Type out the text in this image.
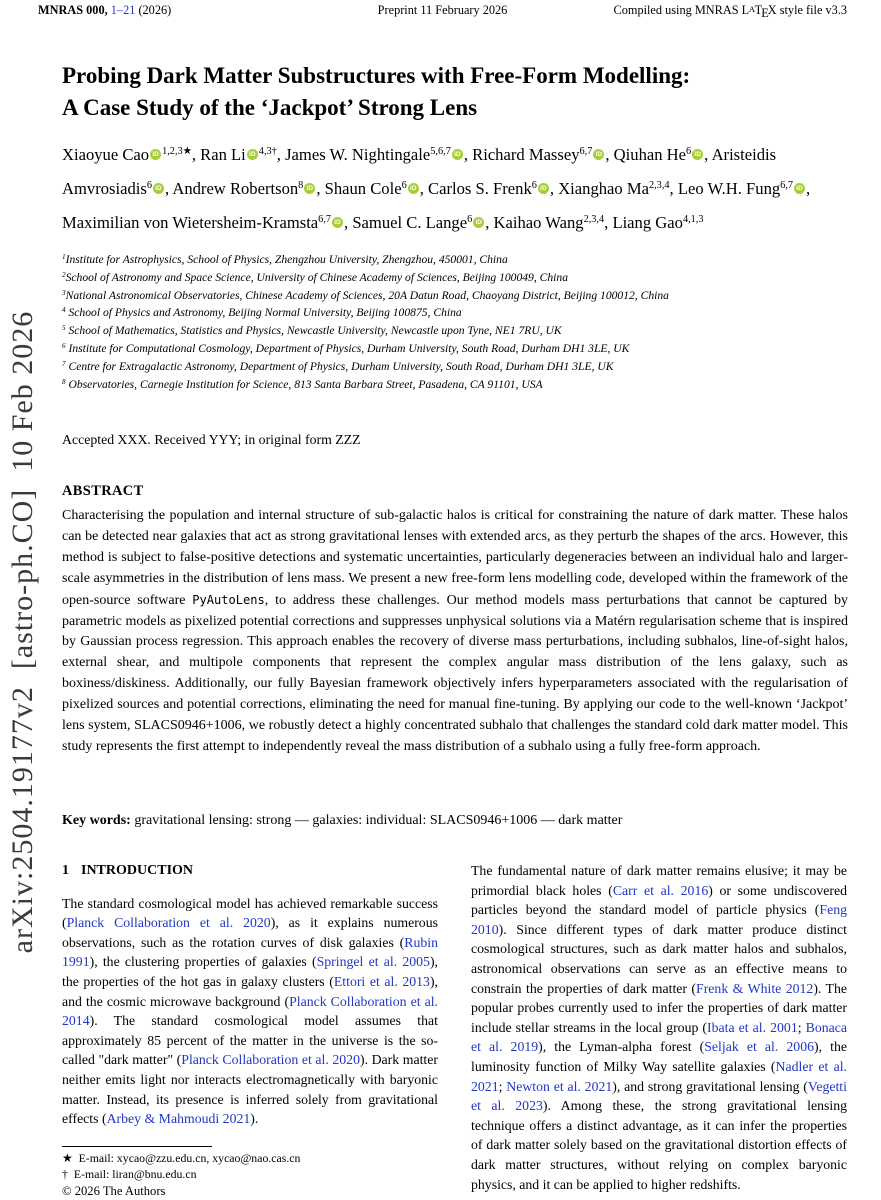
MNRAS 000, 1–21 (2026)	Preprint 11 February 2026	Compiled using MNRAS $L^ATEX$ style file v3.3
arXiv:2504.19177v2  [astro-ph.CO]  10 Feb 2026
Probing Dark Matter Substructures with Free-Form Modelling:
A Case Study of the ‘Jackpot’ Strong Lens
Xiaoyue Cao iD $^{1,2,3★}$, Ran Li iD $^{4,3\dagger}$, James W. Nightingale$^{5,6,7}$ iD , Richard Massey$^{6,7}$ iD , Qiuhan He$^6$ iD , Aristeidis Amvrosiadis$^6$ iD , Andrew Robertson$^8$ iD , Shaun Cole$^6$ iD , Carlos S. Frenk$^6$ iD , Xianghao Ma$^{2,3,4}$, Leo W.H. Fung$^{6,7}$ iD , Maximilian von Wietersheim-Kramsta$^{6,7}$ iD , Samuel C. Lange$^6$ iD , Kaihao Wang$^{2,3,4}$, Liang Gao$^{4,1,3}$
$^1$Institute for Astrophysics, School of Physics, Zhengzhou University, Zhengzhou, 450001, China
$^2$School of Astronomy and Space Science, University of Chinese Academy of Sciences, Beijing 100049, China
$^3$National Astronomical Observatories, Chinese Academy of Sciences, 20A Datun Road, Chaoyang District, Beijing 100012, China
$^4$ School of Physics and Astronomy, Beijing Normal University, Beijing 100875, China
$^5$ School of Mathematics, Statistics and Physics, Newcastle University, Newcastle upon Tyne, NE1 7RU, UK
$^6$ Institute for Computational Cosmology, Department of Physics, Durham University, South Road, Durham DH1 3LE, UK
$^7$ Centre for Extragalactic Astronomy, Department of Physics, Durham University, South Road, Durham DH1 3LE, UK
$^8$ Observatories, Carnegie Institution for Science, 813 Santa Barbara Street, Pasadena, CA 91101, USA
Accepted XXX. Received YYY; in original form ZZZ
ABSTRACT
Characterising the population and internal structure of sub-galactic halos is critical for constraining the nature of dark matter. These halos can be detected near galaxies that act as strong gravitational lenses with extended arcs, as they perturb the shapes of the arcs. However, this method is subject to false-positive detections and systematic uncertainties, particularly degeneracies between an individual halo and larger-scale asymmetries in the distribution of lens mass. We present a new free-form lens modelling code, developed within the framework of the open-source software PyAutoLens, to address these challenges. Our method models mass perturbations that cannot be captured by parametric models as pixelized potential corrections and suppresses unphysical solutions via a Matérn regularisation scheme that is inspired by Gaussian process regression. This approach enables the recovery of diverse mass perturbations, including subhalos, line-of-sight halos, external shear, and multipole components that represent the complex angular mass distribution of the lens galaxy, such as boxiness/diskiness. Additionally, our fully Bayesian framework objectively infers hyperparameters associated with the regularisation of pixelized sources and potential corrections, eliminating the need for manual fine-tuning. By applying our code to the well-known ‘Jackpot’ lens system, SLACS0946+1006, we robustly detect a highly concentrated subhalo that challenges the standard cold dark matter model. This study represents the first attempt to independently reveal the mass distribution of a subhalo using a fully free-form approach.
Key words: gravitational lensing: strong — galaxies: individual: SLACS0946+1006 — dark matter
1 INTRODUCTION

The standard cosmological model has achieved remarkable success (Planck Collaboration et al. 2020), as it explains numerous observations, such as the rotation curves of disk galaxies (Rubin 1991), the clustering properties of galaxies (Springel et al. 2005), the properties of the hot gas in galaxy clusters (Ettori et al. 2013), and the cosmic microwave background (Planck Collaboration et al. 2014). The standard cosmological model assumes that approximately 85 percent of the matter in the universe is the so-called "dark matter" (Planck Collaboration et al. 2020). Dark matter neither emits light nor interacts electromagnetically with baryonic matter. Instead, its presence is inferred solely from gravitational effects (Arbey & Mahmoudi 2021).

The fundamental nature of dark matter remains elusive; it may be primordial black holes (Carr et al. 2016) or some undiscovered particles beyond the standard model of particle physics (Feng 2010). Since different types of dark matter produce distinct cosmological structures, such as dark matter halos and subhalos, astronomical observations can serve as an effective means to constrain the properties of dark matter (Frenk & White 2012). The popular probes currently used to infer the properties of dark matter include stellar streams in the local group (Ibata et al. 2001; Bonaca et al. 2019), the Lyman-alpha forest (Seljak et al. 2006), the luminosity function of Milky Way satellite galaxies (Nadler et al. 2021; Newton et al. 2021), and strong gravitational lensing (Vegetti et al. 2023). Among these, the strong gravitational lensing technique offers a distinct advantage, as it can infer the properties of dark matter solely based on the gravitational distortion effects of dark matter structures, without relying on complex baryonic physics, and it can be applied to higher redshifts.

★ E-mail: xycao@zzu.edu.cn, xycao@nao.cas.cn
† E-mail: liran@bnu.edu.cn
© 2026 The Authors
